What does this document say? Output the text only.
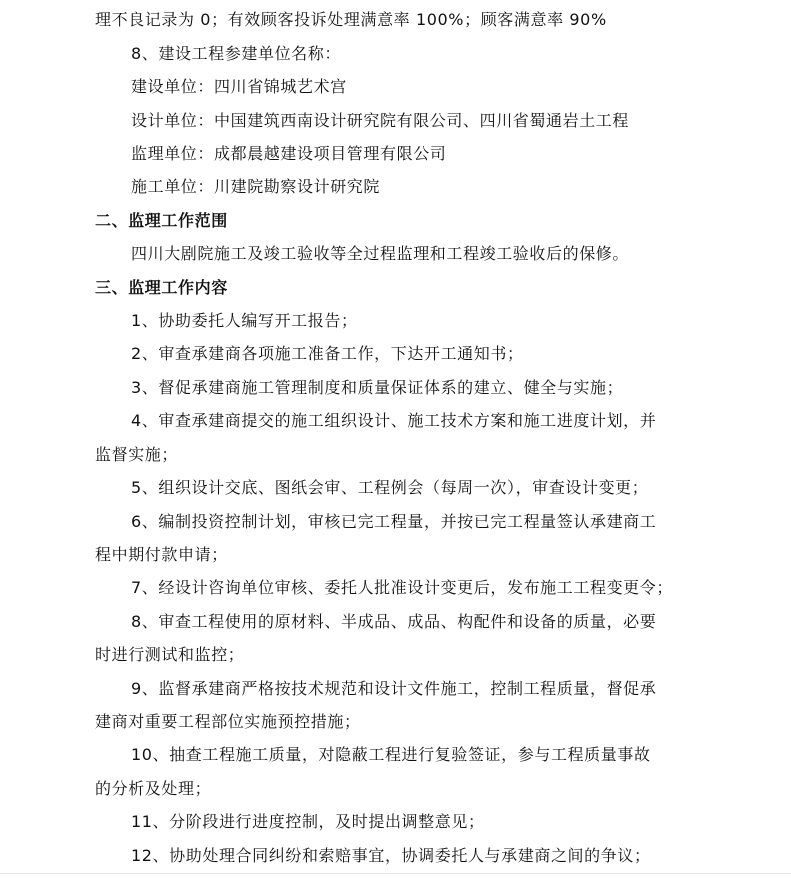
理不良记录为 0；有效顾客投诉处理满意率 100%；顾客满意率 90%
8、建设工程参建单位名称：
建设单位：四川省锦城艺术宫
设计单位：中国建筑西南设计研究院有限公司、四川省蜀通岩土工程
监理单位：成都晨越建设项目管理有限公司
施工单位：川建院勘察设计研究院
二、监理工作范围
四川大剧院施工及竣工验收等全过程监理和工程竣工验收后的保修。
三、监理工作内容
1、协助委托人编写开工报告；
2、审查承建商各项施工准备工作，下达开工通知书；
3、督促承建商施工管理制度和质量保证体系的建立、健全与实施；
4、审查承建商提交的施工组织设计、施工技术方案和施工进度计划，并
监督实施；
5、组织设计交底、图纸会审、工程例会（每周一次），审查设计变更；
6、编制投资控制计划，审核已完工程量，并按已完工程量签认承建商工
程中期付款申请；
7、经设计咨询单位审核、委托人批准设计变更后，发布施工工程变更令；
8、审查工程使用的原材料、半成品、成品、构配件和设备的质量，必要
时进行测试和监控；
9、监督承建商严格按技术规范和设计文件施工，控制工程质量，督促承
建商对重要工程部位实施预控措施；
10、抽查工程施工质量，对隐蔽工程进行复验签证，参与工程质量事故
的分析及处理；
11、分阶段进行进度控制，及时提出调整意见；
12、协助处理合同纠纷和索赔事宜，协调委托人与承建商之间的争议；
